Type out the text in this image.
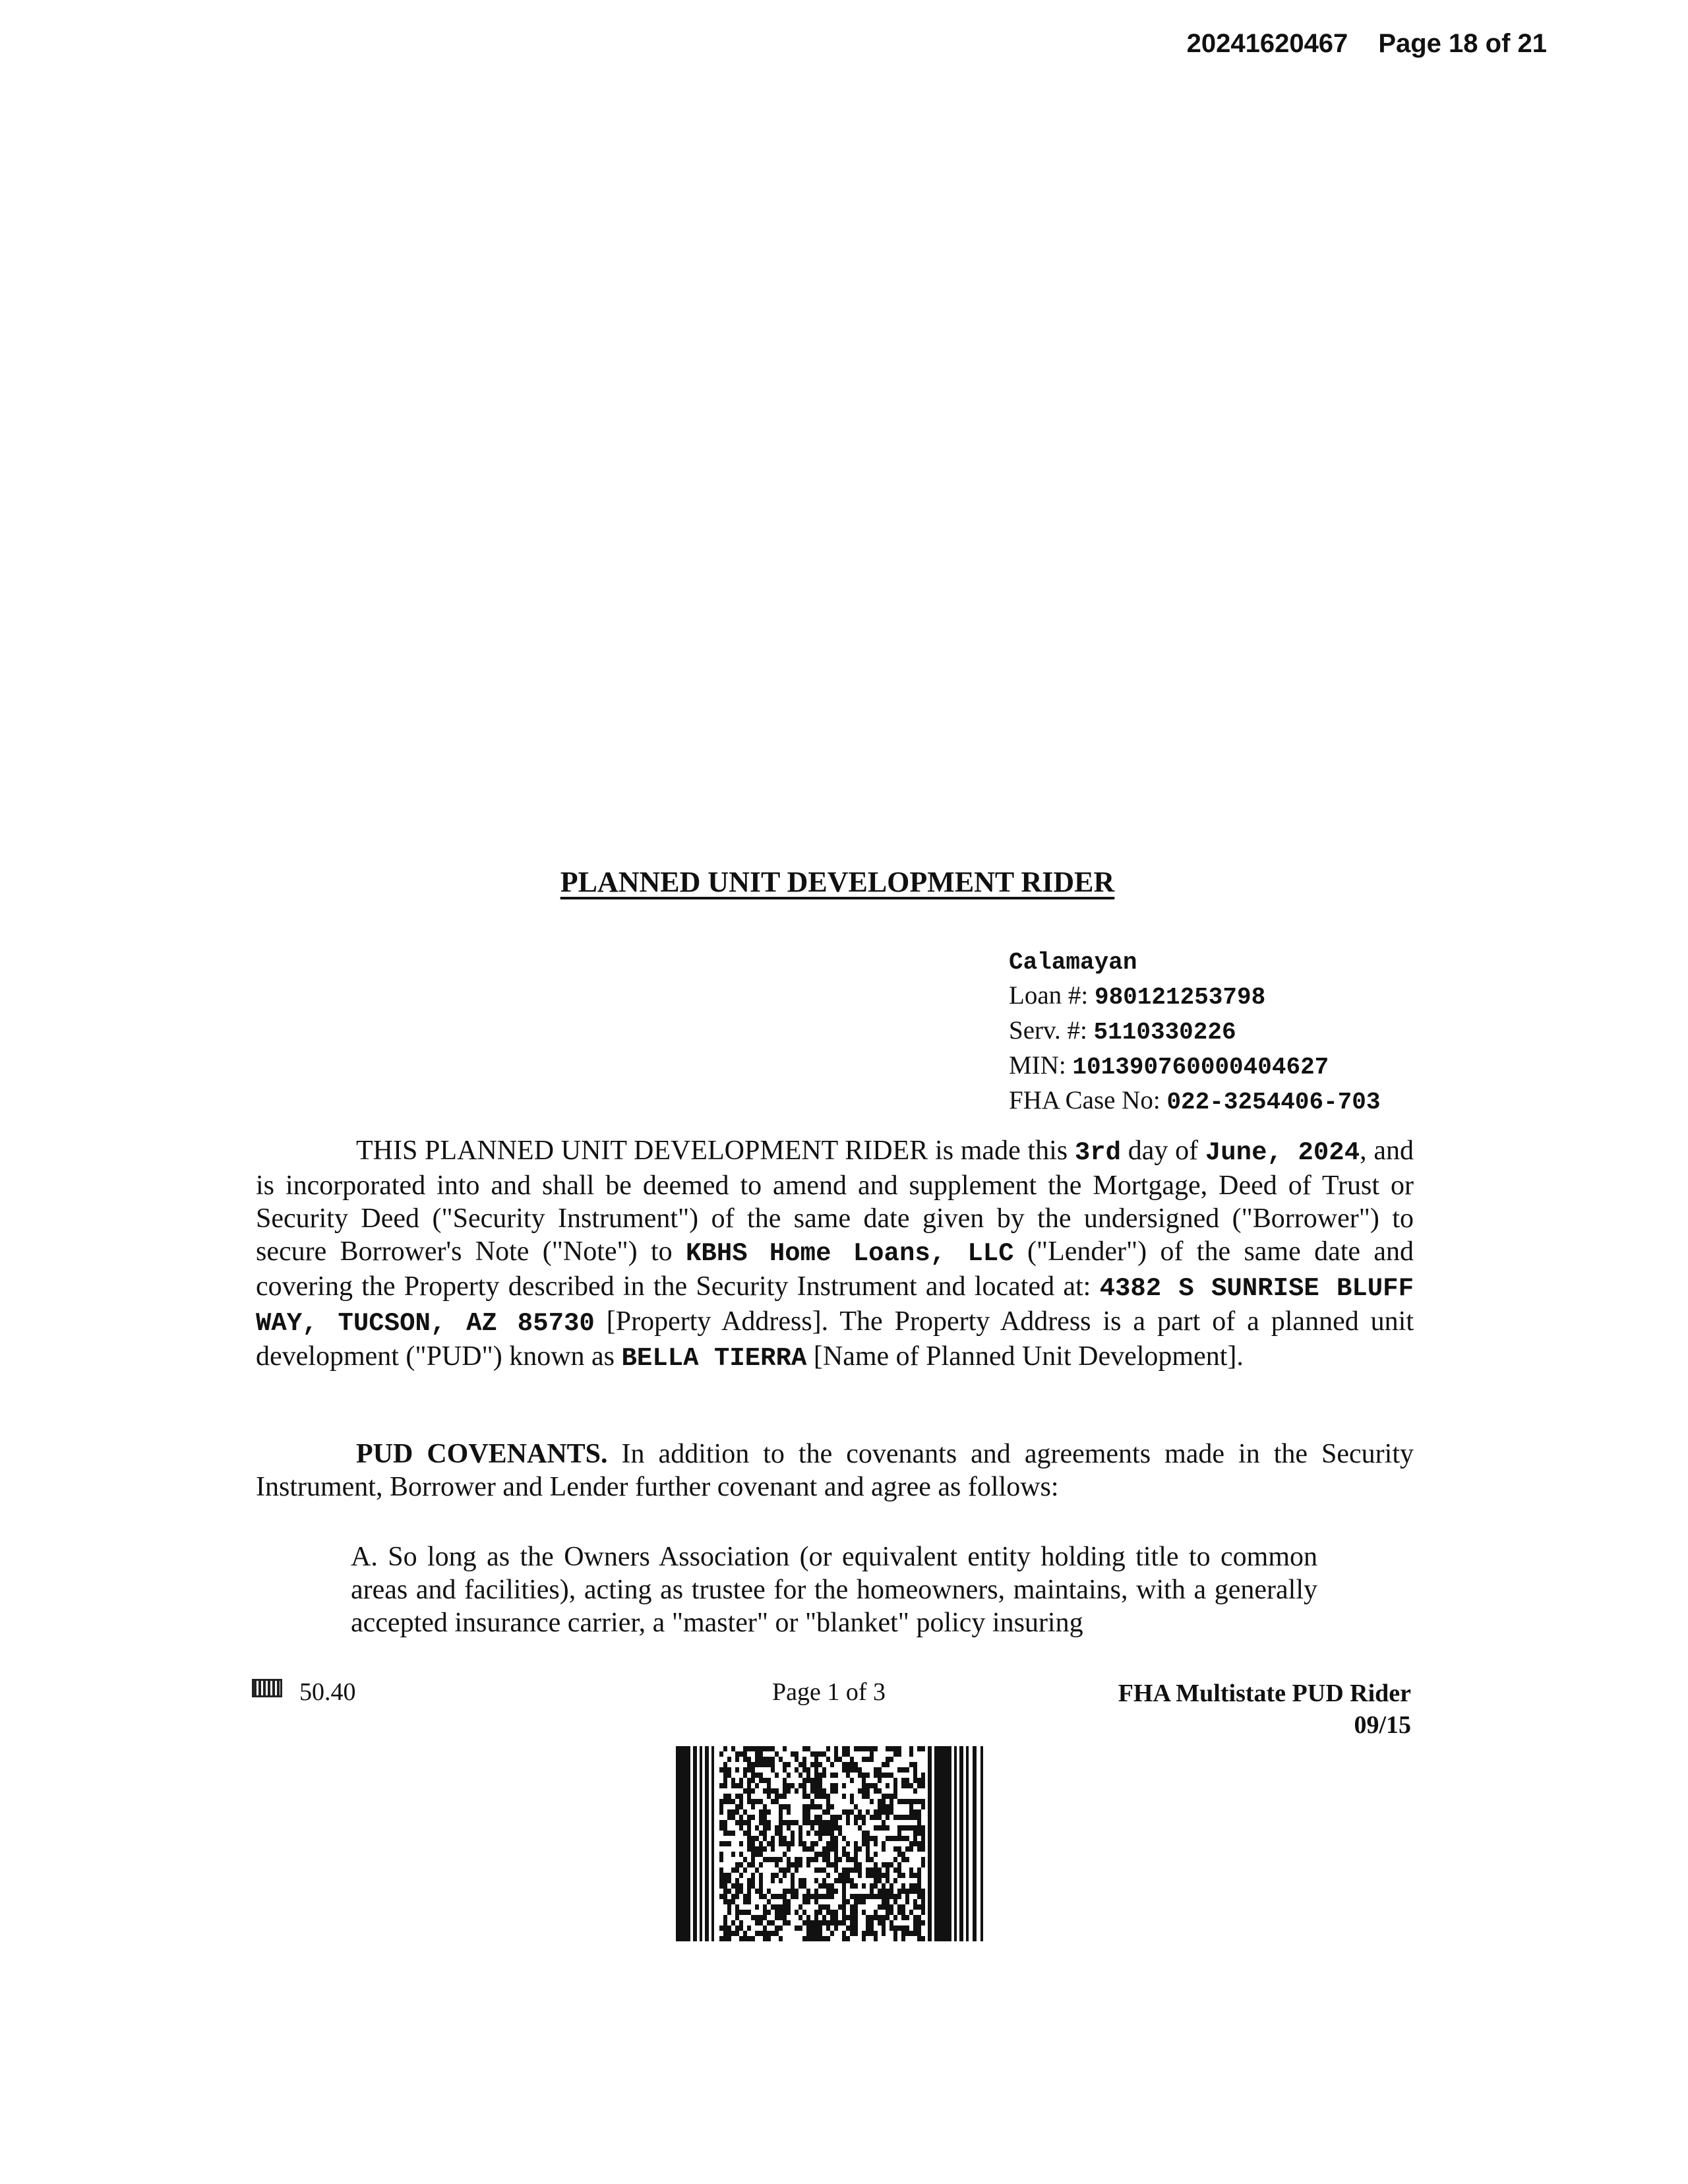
20241620467 Page 18 of 21
PLANNED UNIT DEVELOPMENT RIDER
Calamayan
Loan #: 980121253798
Serv. #: 5110330226
MIN: 101390760000404627
FHA Case No: 022-3254406-703
THIS PLANNED UNIT DEVELOPMENT RIDER is made this 3rd day of June, 2024, and is incorporated into and shall be deemed to amend and supplement the Mortgage, Deed of Trust or Security Deed ("Security Instrument") of the same date given by the undersigned ("Borrower") to secure Borrower's Note ("Note") to KBHS Home Loans, LLC ("Lender") of the same date and covering the Property described in the Security Instrument and located at: 4382 S SUNRISE BLUFF WAY, TUCSON, AZ 85730 [Property Address]. The Property Address is a part of a planned unit development ("PUD") known as BELLA TIERRA [Name of Planned Unit Development].
PUD COVENANTS. In addition to the covenants and agreements made in the Security Instrument, Borrower and Lender further covenant and agree as follows:
A. So long as the Owners Association (or equivalent entity holding title to common areas and facilities), acting as trustee for the homeowners, maintains, with a generally accepted insurance carrier, a "master" or "blanket" policy insuring
50.40	Page 1 of 3	FHA Multistate PUD Rider
09/15
